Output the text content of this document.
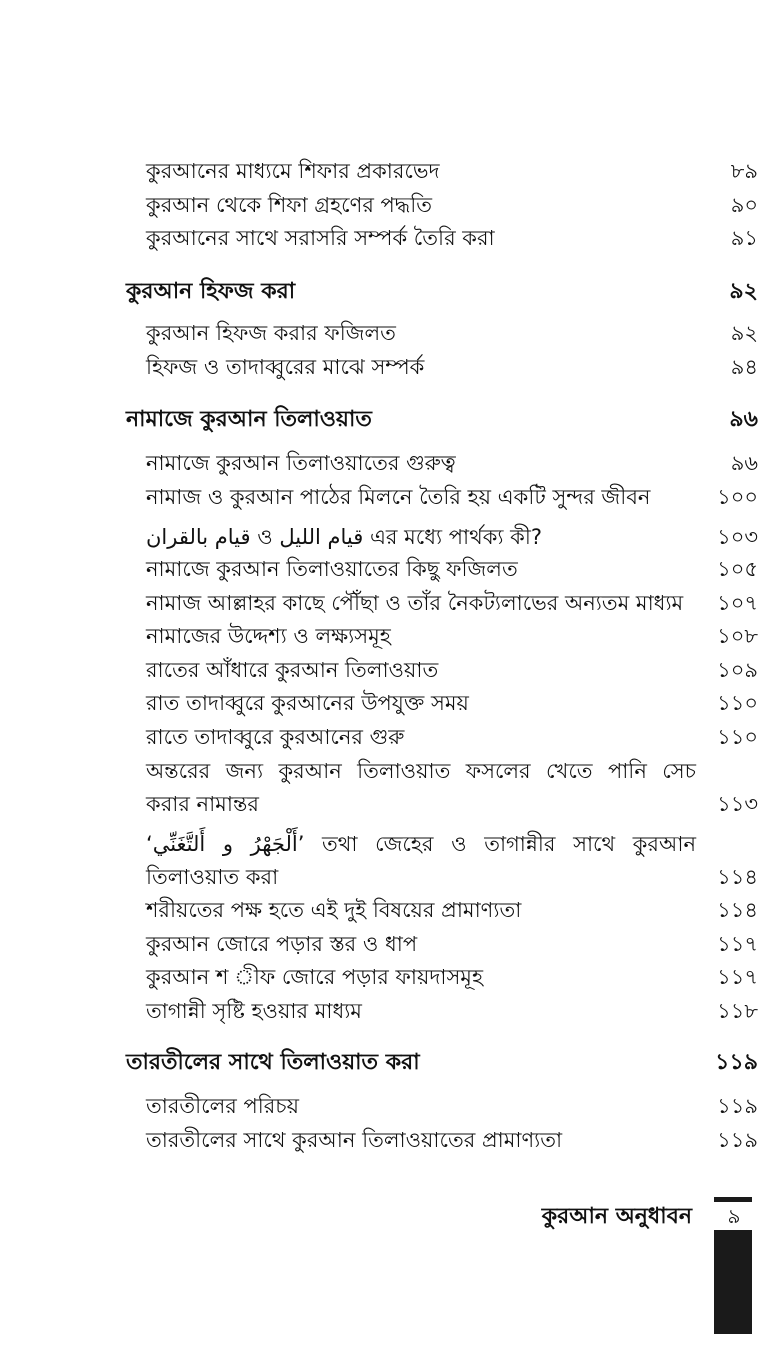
কুরআনের মাধ্যমে শিফার প্রকারভেদ	৮৯
কুরআন থেকে শিফা গ্রহণের পদ্ধতি	৯০
কুরআনের সাথে সরাসরি সম্পর্ক তৈরি করা	৯১
কুরআন হিফজ করা	৯২
কুরআন হিফজ করার ফজিলত	৯২
হিফজ ও তাদাব্বুরের মাঝে সম্পর্ক	৯৪
নামাজে কুরআন তিলাওয়াত	৯৬
নামাজে কুরআন তিলাওয়াতের গুরুত্ব	৯৬
নামাজ ও কুরআন পাঠের মিলনে তৈরি হয় একটি সুন্দর জীবন	১০০
قيام بالقران ও قيام الليل এর মধ্যে পার্থক্য কী?	১০৩
নামাজে কুরআন তিলাওয়াতের কিছু ফজিলত	১০৫
নামাজ আল্লাহর কাছে পৌঁছা ও তাঁর নৈকট্যলাভের অন্যতম মাধ্যম ১০৭
নামাজের উদ্দেশ্য ও লক্ষ্যসমূহ	১০৮
রাতের আঁধারে কুরআন তিলাওয়াত	১০৯
রাত তাদাব্বুরে কুরআনের উপযুক্ত সময়	১১০
রাতে তাদাব্বুরে কুরআনের গুরু	১১০
অন্তরের জন্য কুরআন তিলাওয়াত ফসলের খেতে পানি সেচ
করার নামান্তর	১১৩
‘أَلْجَهْرُ و أَلتَّغَنِّي’ তথা জেহের ও তাগান্নীর সাথে কুরআন
তিলাওয়াত করা	১১৪
শরীয়তের পক্ষ হতে এই দুই বিষয়ের প্রামাণ্যতা	১১৪
কুরআন জোরে পড়ার স্তর ও ধাপ	১১৭
কুরআন শ ীফ জোরে পড়ার ফায়দাসমূহ	১১৭
তাগান্নী সৃষ্টি হওয়ার মাধ্যম	১১৮
তারতীলের সাথে তিলাওয়াত করা	১১৯
তারতীলের পরিচয়	১১৯
তারতীলের সাথে কুরআন তিলাওয়াতের প্রামাণ্যতা	১১৯
কুরআন অনুধাবন	৯
